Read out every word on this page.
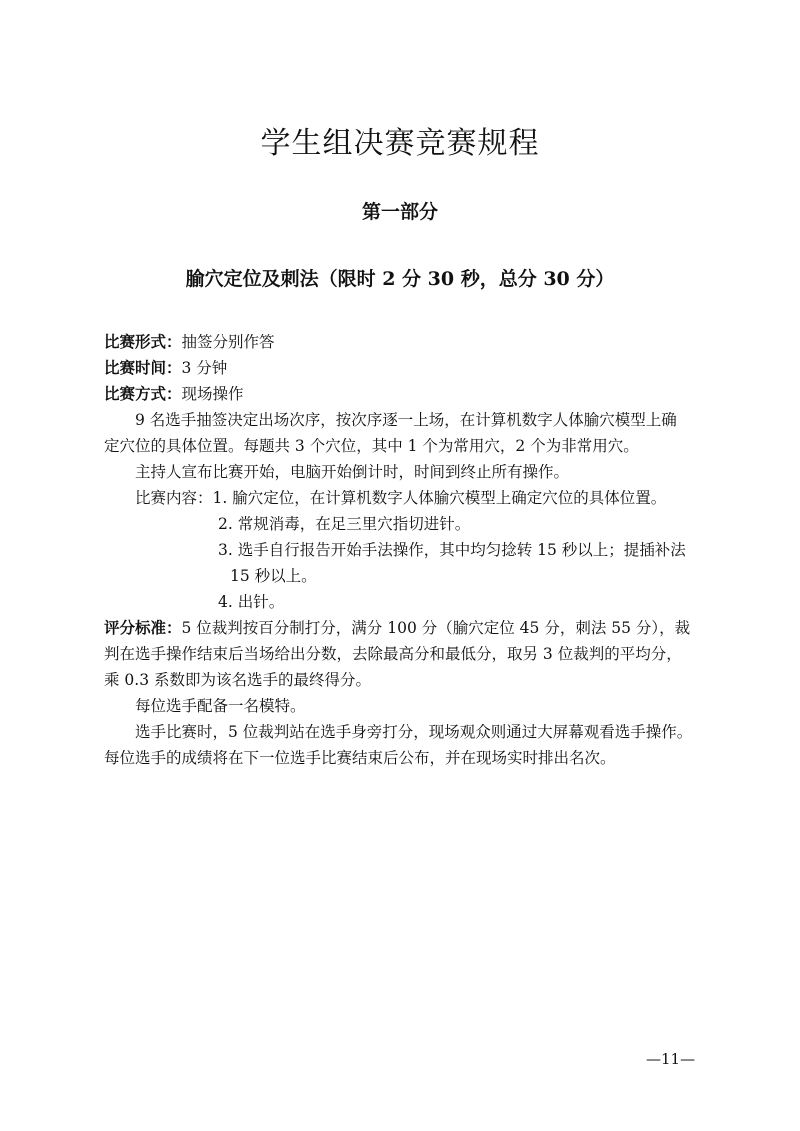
学生组决赛竞赛规程
第一部分
腧穴定位及刺法（限时 2 分 30 秒，总分 30 分）
比赛形式：抽签分别作答
比赛时间：3 分钟
比赛方式：现场操作
9 名选手抽签决定出场次序，按次序逐一上场，在计算机数字人体腧穴模型上确
定穴位的具体位置。每题共 3 个穴位，其中 1 个为常用穴，2 个为非常用穴。
主持人宣布比赛开始，电脑开始倒计时，时间到终止所有操作。
比赛内容：1. 腧穴定位，在计算机数字人体腧穴模型上确定穴位的具体位置。
2. 常规消毒，在足三里穴指切进针。
3. 选手自行报告开始手法操作，其中均匀捻转 15 秒以上；提插补法
15 秒以上。
4. 出针。
评分标准：5 位裁判按百分制打分，满分 100 分（腧穴定位 45 分，刺法 55 分），裁
判在选手操作结束后当场给出分数，去除最高分和最低分，取另 3 位裁判的平均分，
乘 0.3 系数即为该名选手的最终得分。
每位选手配备一名模特。
选手比赛时，5 位裁判站在选手身旁打分，现场观众则通过大屏幕观看选手操作。
每位选手的成绩将在下一位选手比赛结束后公布，并在现场实时排出名次。
—11—
